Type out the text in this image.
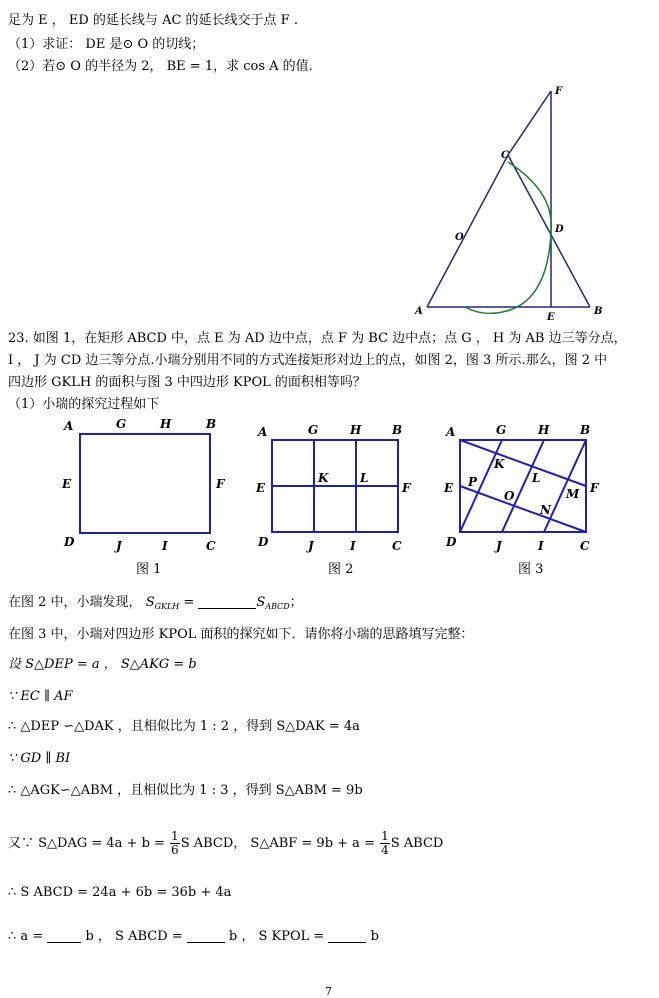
足为 E ， ED 的延长线与 AC 的延长线交于点 F .
（1）求证： DE 是⊙ O 的切线；
（2）若⊙ O 的半径为 2， BE = 1，求 cos A 的值.
F
C
O
D
A
E
B
23. 如图 1，在矩形 ABCD 中，点 E 为 AD 边中点，点 F 为 BC 边中点；点 G ， H 为 AB 边三等分点，
I ， J 为 CD 边三等分点.小瑞分别用不同的方式连接矩形对边上的点，如图 2，图 3 所示.那么，图 2 中
四边形 GKLH 的面积与图 3 中四边形 KPOL 的面积相等吗？
（1）小瑞的探究过程如下
A	G	H	B
E	F
D	J	I	C
图 1
A	G	H	B
E	F
D	J	I	C
K	L
图 2
A	G	H	B
E	F
D	J	I	C
K
L
P
O	M
N
图 3
在图 2 中，小瑞发现， $S_{GKLH}$ =	$S_{ABCD}$；
在图 3 中，小瑞对四边形 KPOL 面积的探究如下．请你将小瑞的思路填写完整：
设 S△DEP = a ， S△AKG = b
∵ EC ∥ AF
∴ △DEP ∽△DAK ，且相似比为 1 : 2 ，得到 S△DAK = 4a
∵ GD ∥ BI
∴ △AGK∽△ABM ，且相似比为 1 : 3 ，得到 S△ABM = 9b
又∵ S△DAG = $4a + b = \frac{1}{6}$ S ABCD， S△ABF = $9b + a = \frac{1}{4}$ S ABCD
∴ S ABCD = 24a + 6b = 36b + 4a
∴ a =	b ， S ABCD =	b ， S KPOL =	b
7
